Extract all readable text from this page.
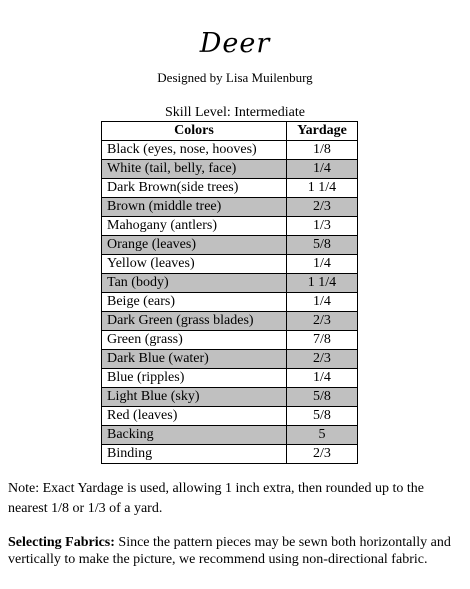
Deer
Designed by Lisa Muilenburg
Skill Level: Intermediate
Colors	Yardage
Black (eyes, nose, hooves)	1/8
White (tail, belly, face)	1/4
Dark Brown(side trees)	1 1/4
Brown (middle tree)	2/3
Mahogany (antlers)	1/3
Orange (leaves)	5/8
Yellow (leaves)	1/4
Tan (body)	1 1/4
Beige (ears)	1/4
Dark Green (grass blades)	2/3
Green (grass)	7/8
Dark Blue (water)	2/3
Blue (ripples)	1/4
Light Blue (sky)	5/8
Red (leaves)	5/8
Backing	5
Binding	2/3
Note: Exact Yardage is used, allowing 1 inch extra, then rounded up to the nearest 1/8 or 1/3 of a yard.
Selecting Fabrics: Since the pattern pieces may be sewn both horizontally and vertically to make the picture, we recommend using non-directional fabric.
